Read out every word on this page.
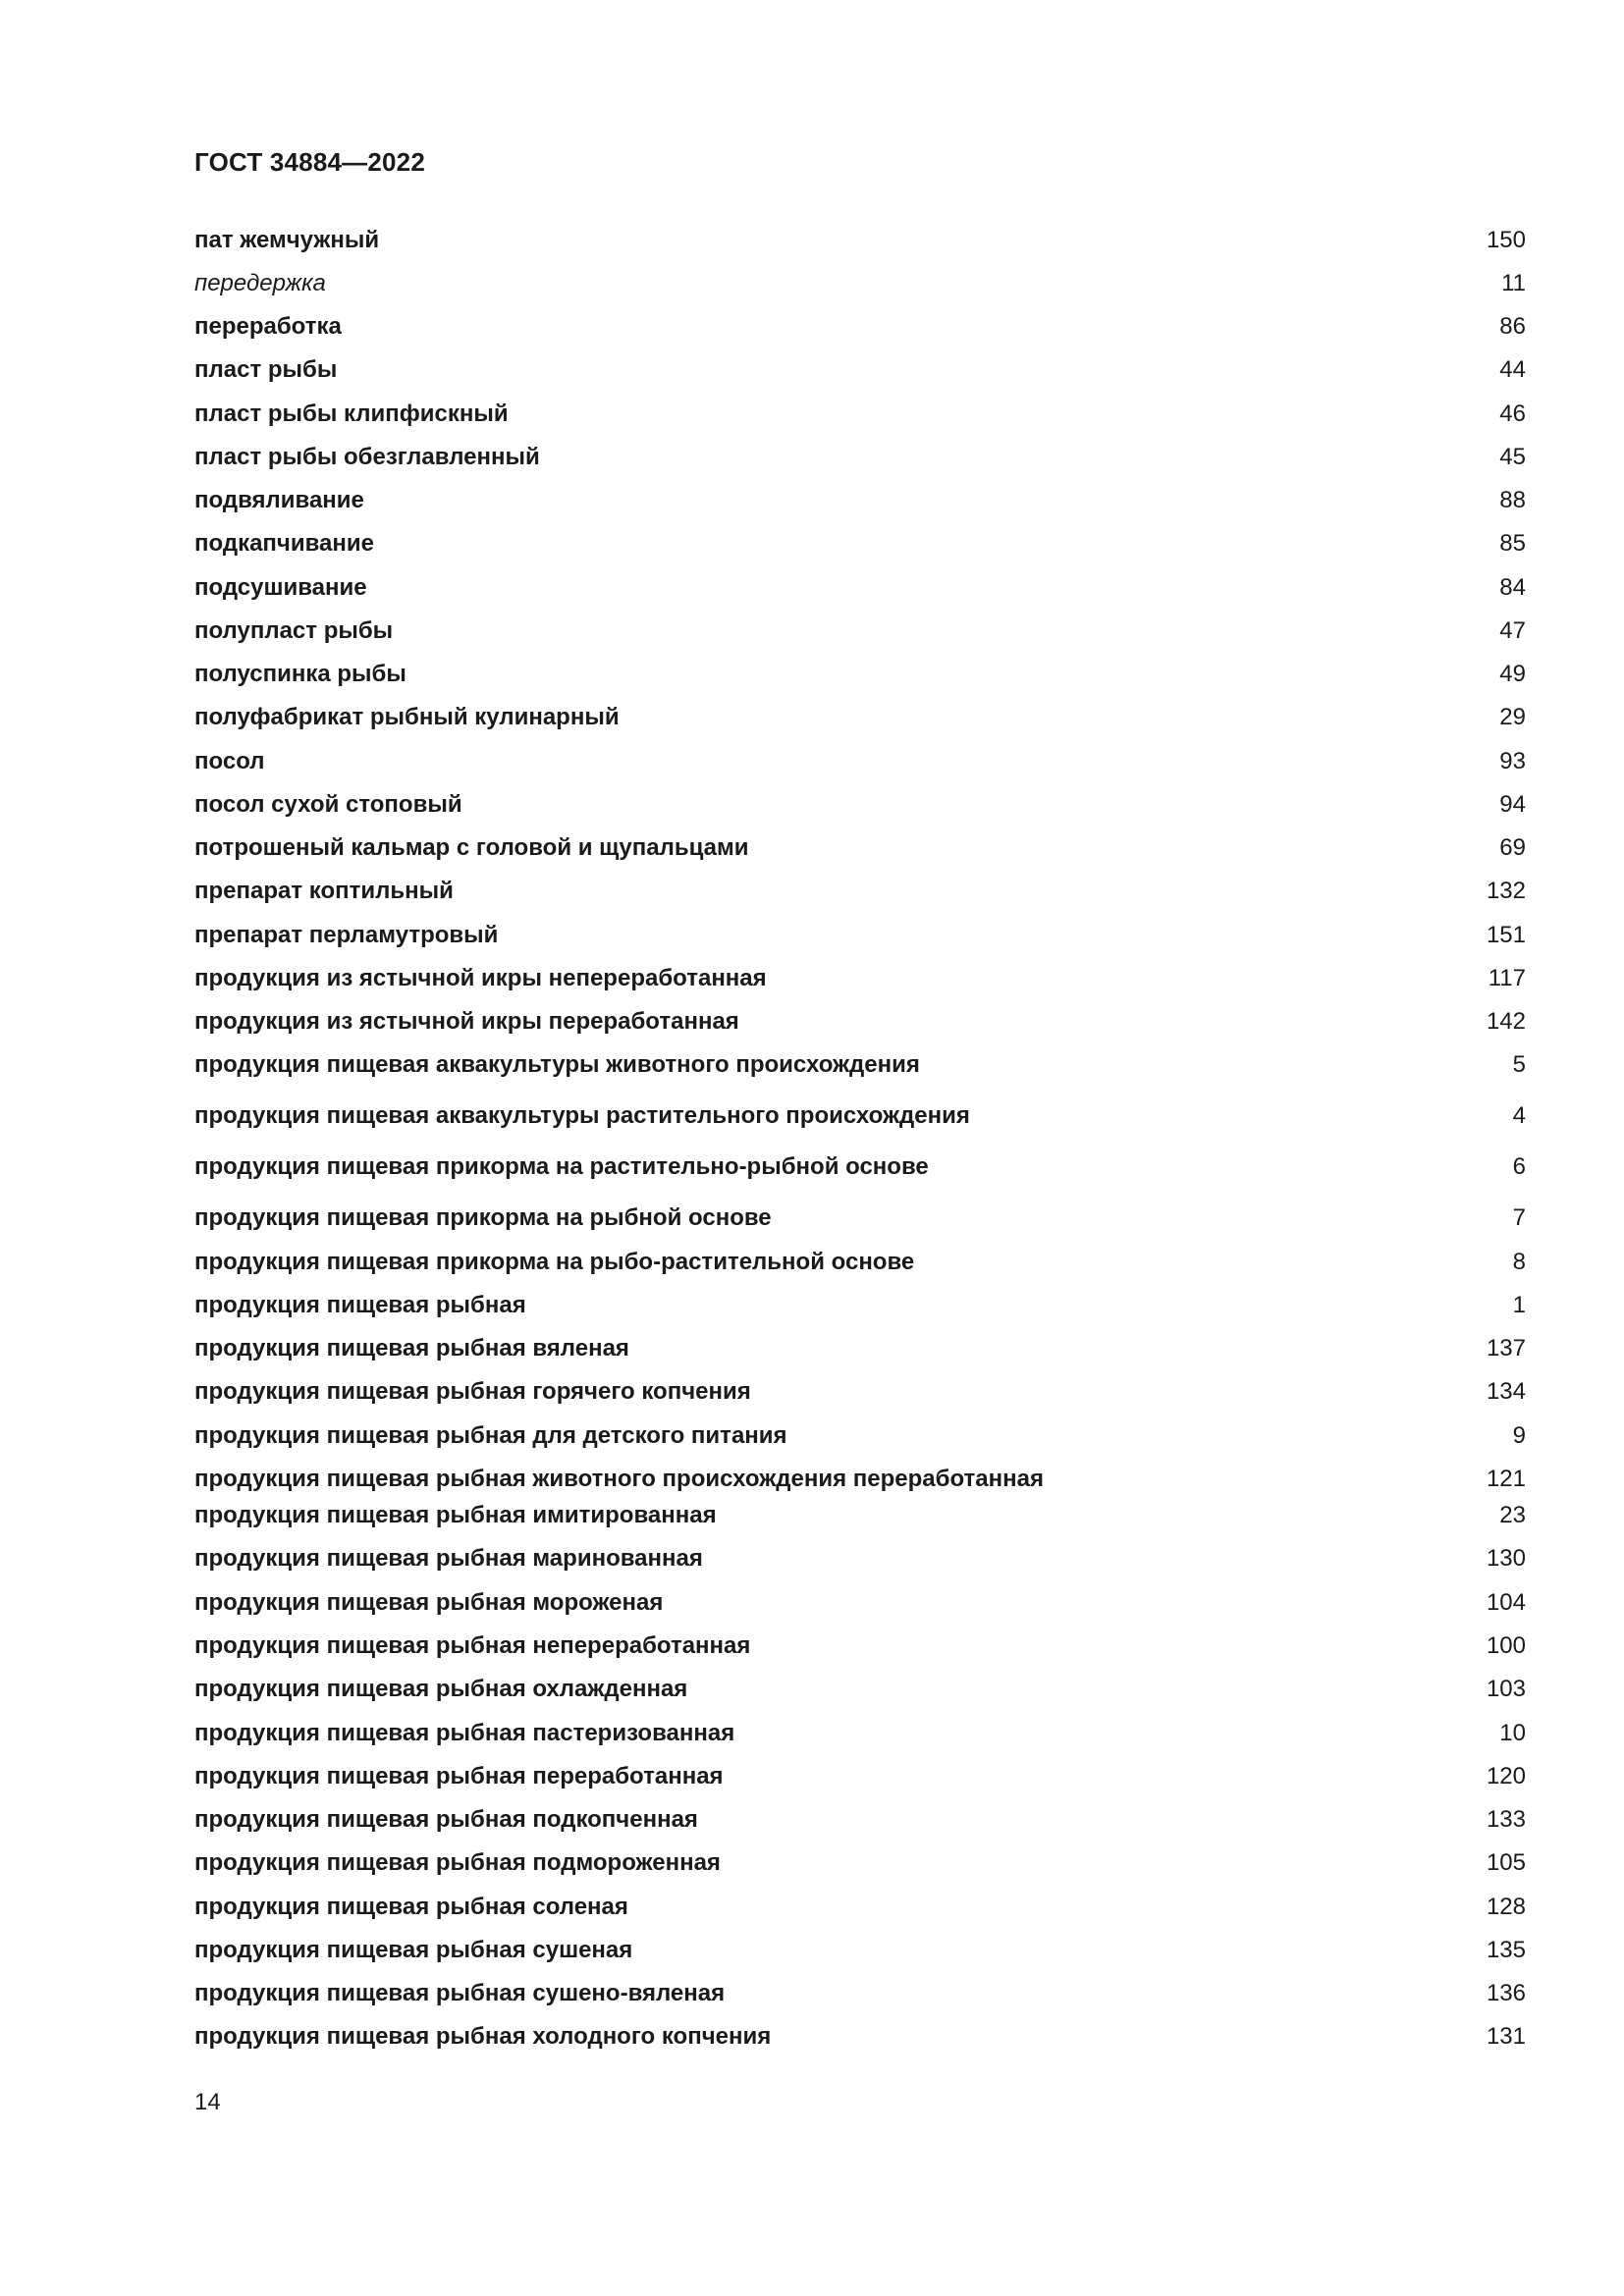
ГОСТ 34884—2022
пат жемчужный	150
передержка	11
переработка	86
пласт рыбы	44
пласт рыбы клипфискный	46
пласт рыбы обезглавленный	45
подвяливание	88
подкапчивание	85
подсушивание	84
полупласт рыбы	47
полуспинка рыбы	49
полуфабрикат рыбный кулинарный	29
посол	93
посол сухой стоповый	94
потрошеный кальмар с головой и щупальцами	69
препарат коптильный	132
препарат перламутровый	151
продукция из ястычной икры непереработанная	117
продукция из ястычной икры переработанная	142
продукция пищевая аквакультуры животного происхождения	5
продукция пищевая аквакультуры растительного происхождения	4
продукция пищевая прикорма на растительно-рыбной основе	6
продукция пищевая прикорма на рыбной основе	7
продукция пищевая прикорма на рыбо-растительной основе	8
продукция пищевая рыбная	1
продукция пищевая рыбная вяленая	137
продукция пищевая рыбная горячего копчения	134
продукция пищевая рыбная для детского питания	9
продукция пищевая рыбная животного происхождения переработанная	121
продукция пищевая рыбная имитированная	23
продукция пищевая рыбная маринованная	130
продукция пищевая рыбная мороженая	104
продукция пищевая рыбная непереработанная	100
продукция пищевая рыбная охлажденная	103
продукция пищевая рыбная пастеризованная	10
продукция пищевая рыбная переработанная	120
продукция пищевая рыбная подкопченная	133
продукция пищевая рыбная подмороженная	105
продукция пищевая рыбная соленая	128
продукция пищевая рыбная сушеная	135
продукция пищевая рыбная сушено-вяленая	136
продукция пищевая рыбная холодного копчения	131
14
